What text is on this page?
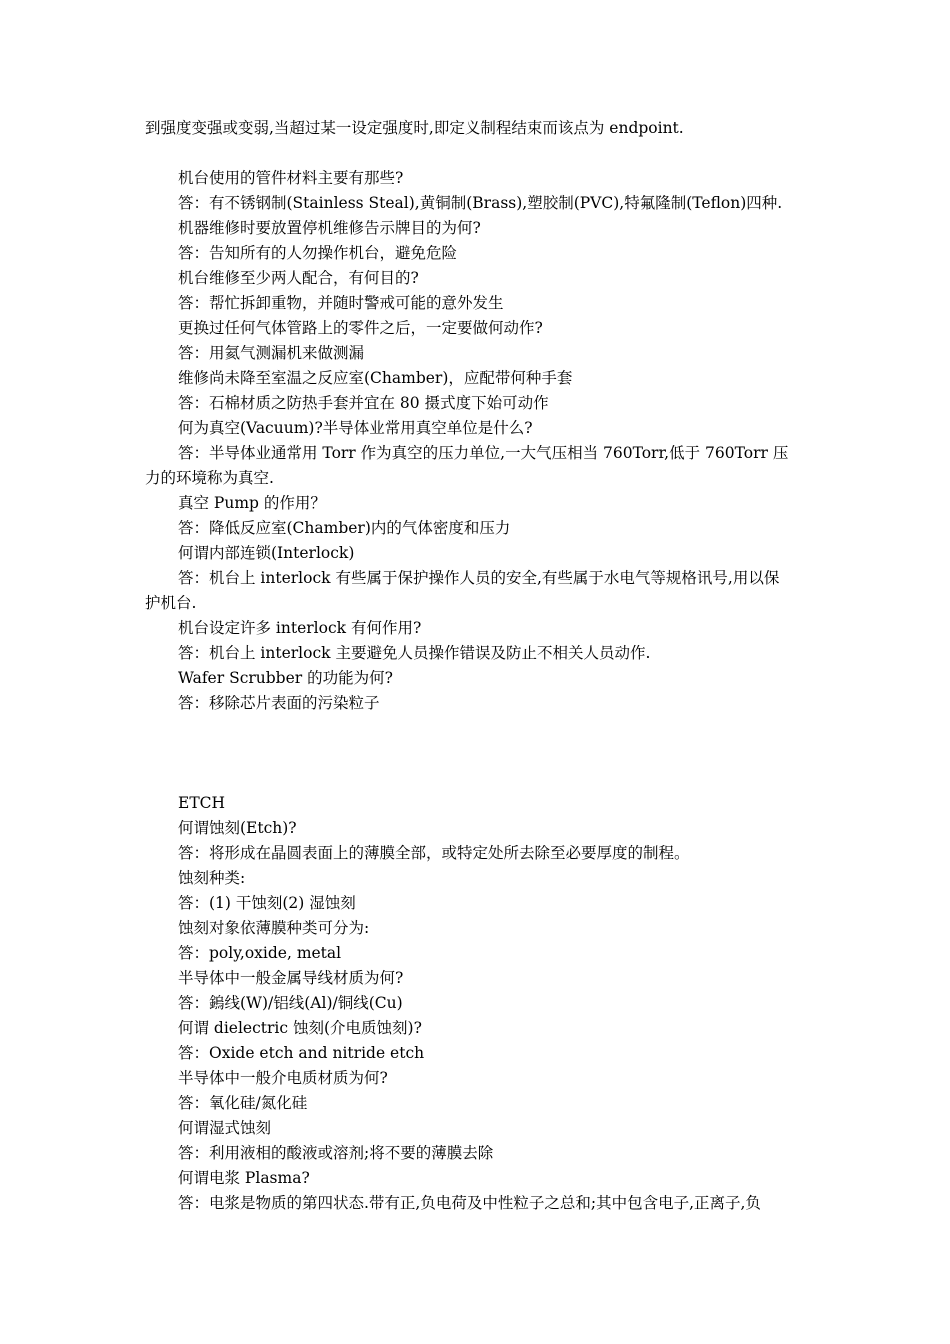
到强度变强或变弱,当超过某一设定强度时,即定义制程结束而该点为 endpoint.
机台使用的管件材料主要有那些?
答：有不锈钢制(Stainless Steal),黄铜制(Brass),塑胶制(PVC),特氟隆制(Teflon)四种.
机器维修时要放置停机维修告示牌目的为何?
答：告知所有的人勿操作机台，避免危险
机台维修至少两人配合，有何目的?
答：帮忙拆卸重物，并随时警戒可能的意外发生
更换过任何气体管路上的零件之后，一定要做何动作?
答：用氦气测漏机来做测漏
维修尚未降至室温之反应室(Chamber)，应配带何种手套
答：石棉材质之防热手套并宜在 80 摄式度下始可动作
何为真空(Vacuum)?半导体业常用真空单位是什么?
答：半导体业通常用 Torr 作为真空的压力单位,一大气压相当 760Torr,低于 760Torr 压
力的环境称为真空.
真空 Pump 的作用？
答：降低反应室(Chamber)内的气体密度和压力
何谓内部连锁(Interlock)
答：机台上 interlock 有些属于保护操作人员的安全,有些属于水电气等规格讯号,用以保
护机台.
机台设定许多 interlock 有何作用?
答：机台上 interlock 主要避免人员操作错误及防止不相关人员动作.
Wafer Scrubber 的功能为何?
答：移除芯片表面的污染粒子
ETCH
何谓蚀刻(Etch)?
答：将形成在晶圆表面上的薄膜全部，或特定处所去除至必要厚度的制程。
蚀刻种类:
答：(1) 干蚀刻(2) 湿蚀刻
蚀刻对象依薄膜种类可分为:
答：poly,oxide, metal
半导体中一般金属导线材质为何?
答：鎢线(W)/铝线(Al)/铜线(Cu)
何谓 dielectric 蚀刻(介电质蚀刻)?
答：Oxide etch and nitride etch
半导体中一般介电质材质为何?
答：氧化硅/氮化硅
何谓湿式蚀刻
答：利用液相的酸液或溶剂;将不要的薄膜去除
何谓电浆 Plasma?
答：电浆是物质的第四状态.带有正,负电荷及中性粒子之总和;其中包含电子,正离子,负
